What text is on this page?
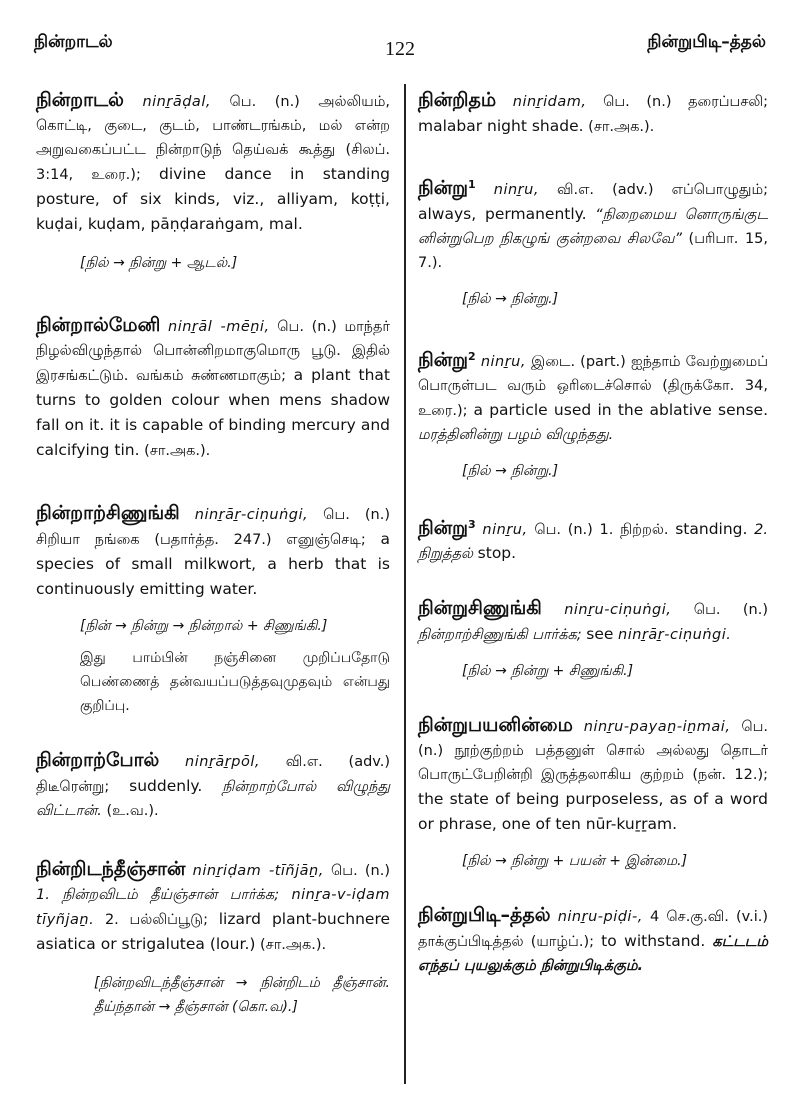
நின்றாடல்	122	நின்றுபிடி–த்தல்
நின்றாடல் ninṟāḍal, பெ. (n.) அல்லியம், கொட்டி, குடை, குடம், பாண்டரங்கம், மல் என்ற அறுவகைப்பட்ட நின்றாடுந் தெய்வக் கூத்து (சிலப். 3:14, உரை.); divine dance in standing posture, of six kinds, viz., alliyam, koṭṭi, kuḍai, kuḍam, pāṇḍaraṅgam, mal.
[நில் → நின்று + ஆடல்.]
நின்றால்மேனி ninṟāl -mēṉi, பெ. (n.) மாந்தர் நிழல்விழுந்தால் பொன்னிறமாகுமொரு பூடு. இதில் இரசங்கட்டும். வங்கம் சுண்ணமாகும்; a plant that turns to golden colour when mens shadow fall on it. it is capable of binding mercury and calcifying tin. (சா.அக.).
நின்றாற்சிணுங்கி ninṟāṟ-ciṇuṅgi, பெ. (n.) சிறியா நங்கை (பதார்த்த. 247.) எனுஞ்செடி; a species of small milkwort, a herb that is continuously emitting water.
[நின் → நின்று → நின்றால் + சிணுங்கி.]
இது பாம்பின் நஞ்சினை முறிப்பதோடு பெண்ணைத் தன்வயப்படுத்தவுமுதவும் என்பது குறிப்பு.
நின்றாற்போல் ninṟāṟpōl, வி.எ. (adv.) திடீரென்று; suddenly. நின்றாற்போல் விழுந்து விட்டான். (உ.வ.).
நின்றிடந்தீஞ்சான் ninṟiḍam -tīñjāṉ, பெ. (n.) 1. நின்றவிடம் தீய்ஞ்சான் பார்க்க; ninṟa-v-iḍam tīyñjaṉ. 2. பல்லிப்பூடு; lizard plant-buchnere asiatica or strigalutea (lour.) (சா.அக.).
[நின்றவிடந்தீஞ்சான் → நின்றிடம் தீஞ்சான். தீய்ந்தான் → தீஞ்சான் (கொ.வ).]
நின்றிதம் ninṟidam, பெ. (n.) தரைப்பசலி; malabar night shade. (சா.அக.).
நின்று$^1$ ninṟu, வி.எ. (adv.) எப்பொழுதும்; always, permanently. “நிறைமைய னொருங்குட னின்றுபெற நிகழுங் குன்றவை சிலவே” (பரிபா. 15, 7.).
[நில் → நின்று.]
நின்று$^2$ ninṟu, இடை. (part.) ஐந்தாம் வேற்றுமைப் பொருள்பட வரும் ஒரிடைச்சொல் (திருக்கோ. 34, உரை.); a particle used in the ablative sense. மரத்தினின்று பழம் விழுந்தது.
[நில் → நின்று.]
நின்று$^3$ ninṟu, பெ. (n.) 1. நிற்றல். standing. 2. நிறுத்தல் stop.
நின்றுசிணுங்கி ninṟu-ciṇuṅgi, பெ. (n.) நின்றாற்சிணுங்கி பார்க்க; see ninṟāṟ-ciṇuṅgi.
[நில் → நின்று + சிணுங்கி.]
நின்றுபயனின்மை ninṟu-payaṉ-iṉmai, பெ. (n.) நூற்குற்றம் பத்தனுள் சொல் அல்லது தொடர் பொருட்பேறின்றி இருத்தலாகிய குற்றம் (நன். 12.); the state of being purposeless, as of a word or phrase, one of ten nūr-kuṟṟam.
[நில் → நின்று + பயன் + இன்மை.]
நின்றுபிடி–த்தல் ninṟu-piḍi-, 4 செ.கு.வி. (v.i.) தாக்குப்பிடித்தல் (யாழ்ப்.); to withstand. கட்டடம் எந்தப் புயலுக்கும் நின்றுபிடிக்கும்.
